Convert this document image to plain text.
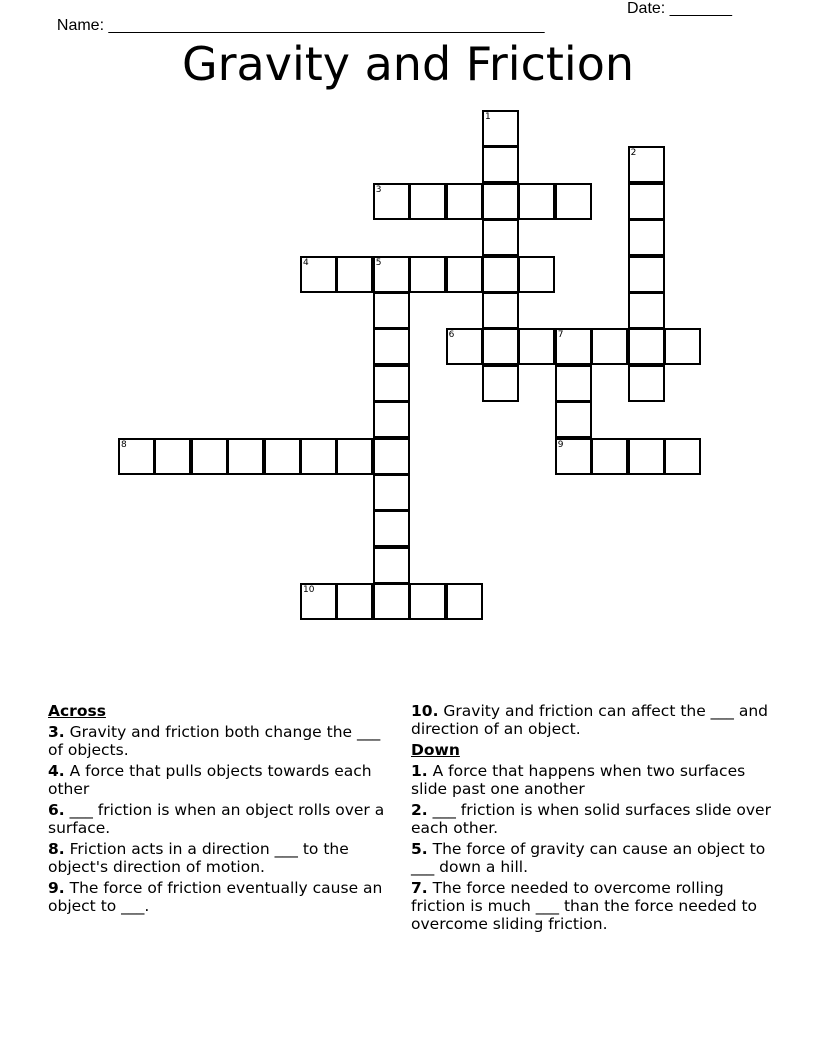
Name: _________________________________________________

Date: _______

Gravity and Friction
1
2
3
4	5
6	7
9
8
10
Across
3. Gravity and friction both change the ___ of objects.
4. A force that pulls objects towards each other
6. ___ friction is when an object rolls over a surface.
8. Friction acts in a direction ___ to the object's direction of motion.
9. The force of friction eventually cause an object to ___.
10. Gravity and friction can affect the ___ and direction of an object.
Down
1. A force that happens when two surfaces slide past one another
2. ___ friction is when solid surfaces slide over each other.
5. The force of gravity can cause an object to ___ down a hill.
7. The force needed to overcome rolling friction is much ___ than the force needed to overcome sliding friction.
